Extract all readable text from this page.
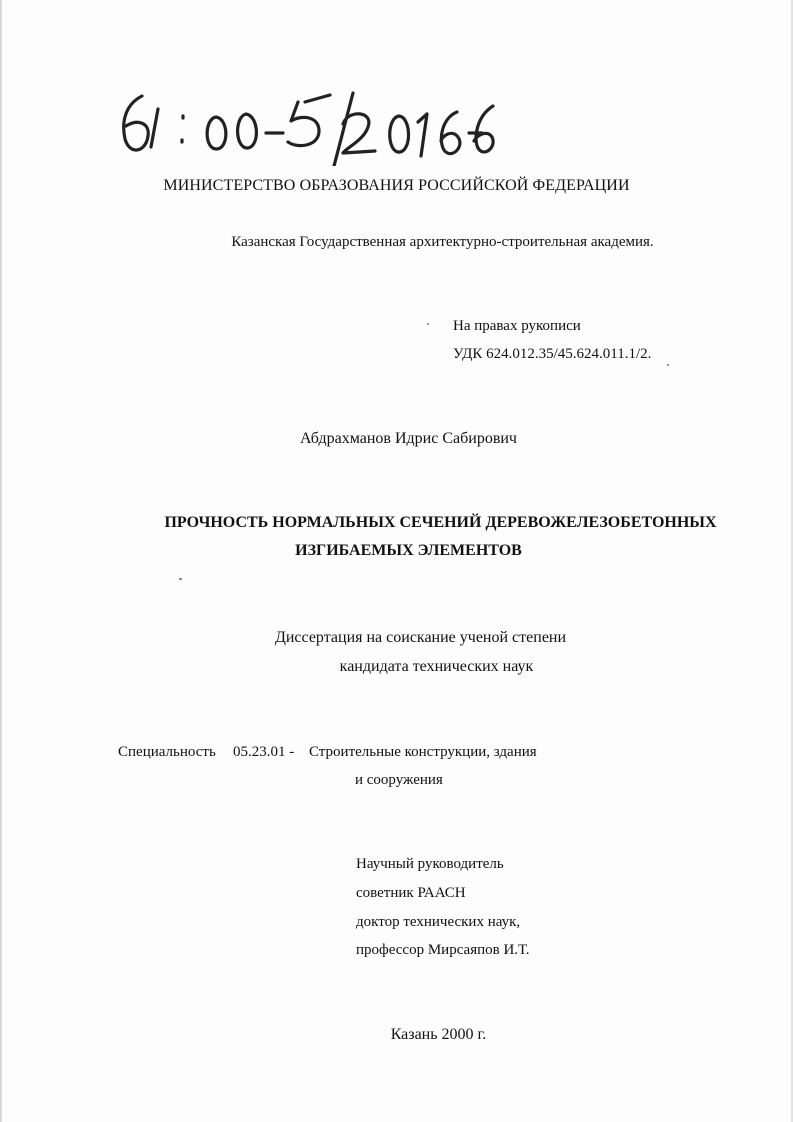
МИНИСТЕРСТВО ОБРАЗОВАНИЯ РОССИЙСКОЙ ФЕДЕРАЦИИ
Казанская Государственная архитектурно-строительная академия.
На правах рукописи
УДК 624.012.35/45.624.011.1/2.
Абдрахманов Идрис Сабирович
ПРОЧНОСТЬ НОРМАЛЬНЫХ СЕЧЕНИЙ ДЕРЕВОЖЕЛЕЗОБЕТОННЫХ
ИЗГИБАЕМЫХ ЭЛЕМЕНТОВ
Диссертация на соискание ученой степени
кандидата технических наук
Специальность 05.23.01 - Строительные конструкции, здания
и сооружения
Научный руководитель
советник РААСН
доктор технических наук,
профессор Мирсаяпов И.Т.
Казань 2000 г.
